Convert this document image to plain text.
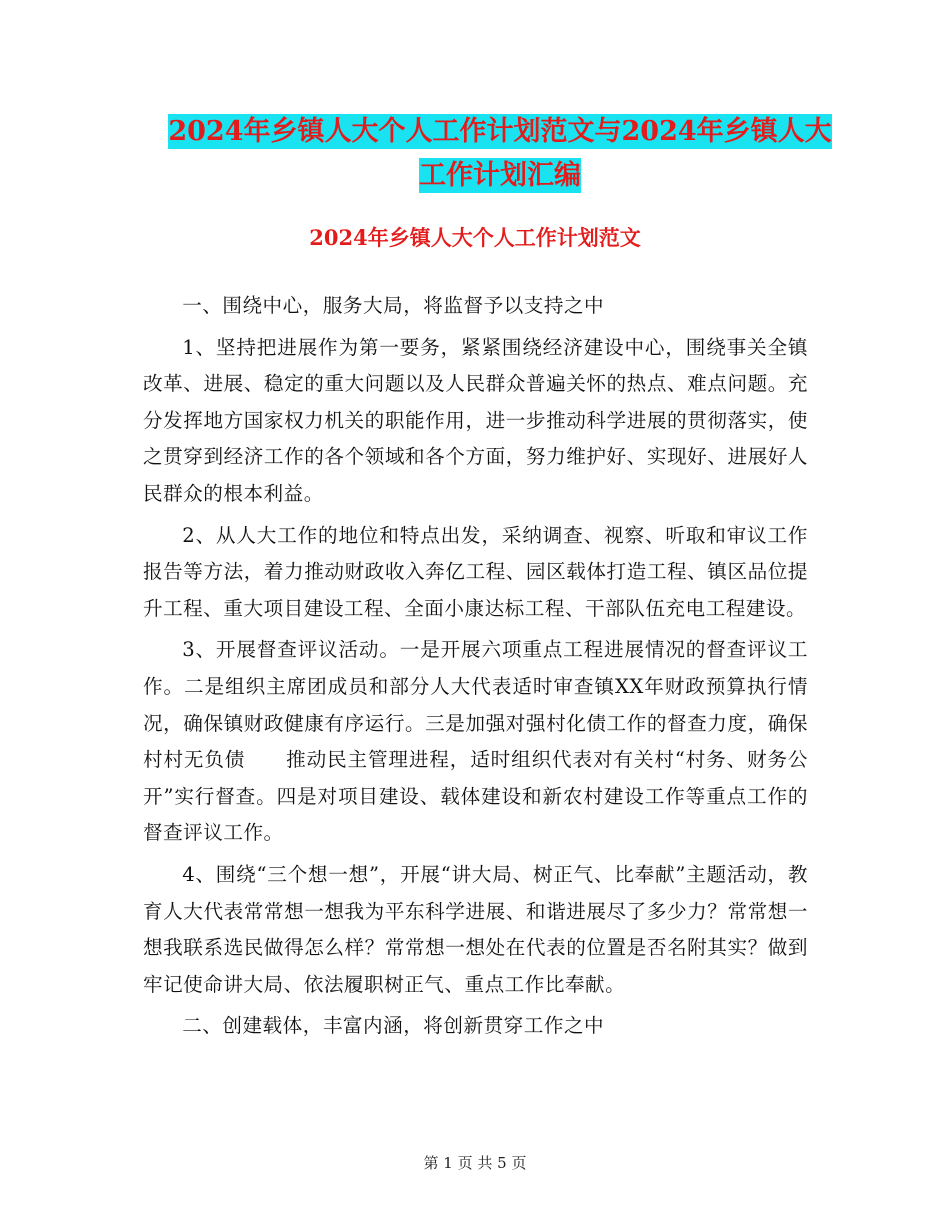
2024年乡镇人大个人工作计划范文与2024年乡镇人大
工作计划汇编
2024年乡镇人大个人工作计划范文

一、围绕中心，服务大局，将监督予以支持之中

1、坚持把进展作为第一要务，紧紧围绕经济建设中心，围绕事关全镇改革、进展、稳定的重大问题以及人民群众普遍关怀的热点、难点问题。充分发挥地方国家权力机关的职能作用，进一步推动科学进展的贯彻落实，使之贯穿到经济工作的各个领域和各个方面，努力维护好、实现好、进展好人民群众的根本利益。

2、从人大工作的地位和特点出发，采纳调查、视察、听取和审议工作报告等方法，着力推动财政收入奔亿工程、园区载体打造工程、镇区品位提升工程、重大项目建设工程、全面小康达标工程、干部队伍充电工程建设。

3、开展督查评议活动。一是开展六项重点工程进展情况的督查评议工作。二是组织主席团成员和部分人大代表适时审查镇XX年财政预算执行情况，确保镇财政健康有序运行。三是加强对强村化债工作的督查力度，确保村村无负债　　推动民主管理进程，适时组织代表对有关村“村务、财务公开”实行督查。四是对项目建设、载体建设和新农村建设工作等重点工作的督查评议工作。

4、围绕“三个想一想”，开展“讲大局、树正气、比奉献”主题活动，教育人大代表常常想一想我为平东科学进展、和谐进展尽了多少力？常常想一想我联系选民做得怎么样？常常想一想处在代表的位置是否名附其实？做到牢记使命讲大局、依法履职树正气、重点工作比奉献。

二、创建载体，丰富内涵，将创新贯穿工作之中

第 1 页 共 5 页
